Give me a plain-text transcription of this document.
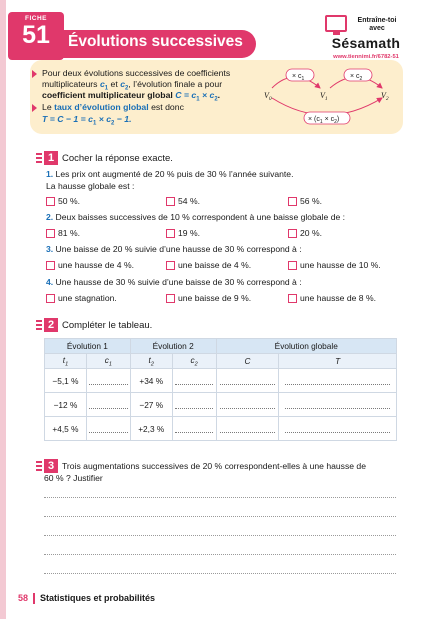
FICHE
51	Évolutions successives
Entraîne-toi
avec
Sésamath
www.tiennimi.fr/6782-51
Pour deux évolutions successives de coefficients
multiplicateurs $c_1$ et $c_2$, l’évolution finale a pour
coefficient multiplicateur global $C = c_1 \times c_2$.
Le taux d’évolution global est donc
$T = C - 1 = c_1 \times c_2 - 1$.
× $c_1$	× $c_2$
× $(c_1 \times c_2)$
$V_0$	$V_1$	$V_2$
1 Cocher la réponse exacte.
1. Les prix ont augmenté de 20 % puis de 30 % l’année suivante.
La hausse globale est :
50 %.	54 %.	56 %.
2. Deux baisses successives de 10 % correspondent à une baisse globale de :
81 %.	19 %.	20 %.
3. Une baisse de 20 % suivie d’une hausse de 30 % correspond à :
une hausse de 4 %.	une baisse de 4 %.	une hausse de 10 %.
4. Une hausse de 30 % suivie d’une baisse de 30 % correspond à :
une stagnation.	une baisse de 9 %.	une hausse de 8 %.
2 Compléter le tableau.
Évolution 1		Évolution 2		Évolution globale	
$t_1$	$c_1$	$t_2$	$c_2$	C	T
−5,1 %		+34 %			
−12 %		−27 %			
+4,5 %		+2,3 %			
3 Trois augmentations successives de 20 % correspondent-elles à une hausse de
60 % ? Justifier
58 Statistiques et probabilités
